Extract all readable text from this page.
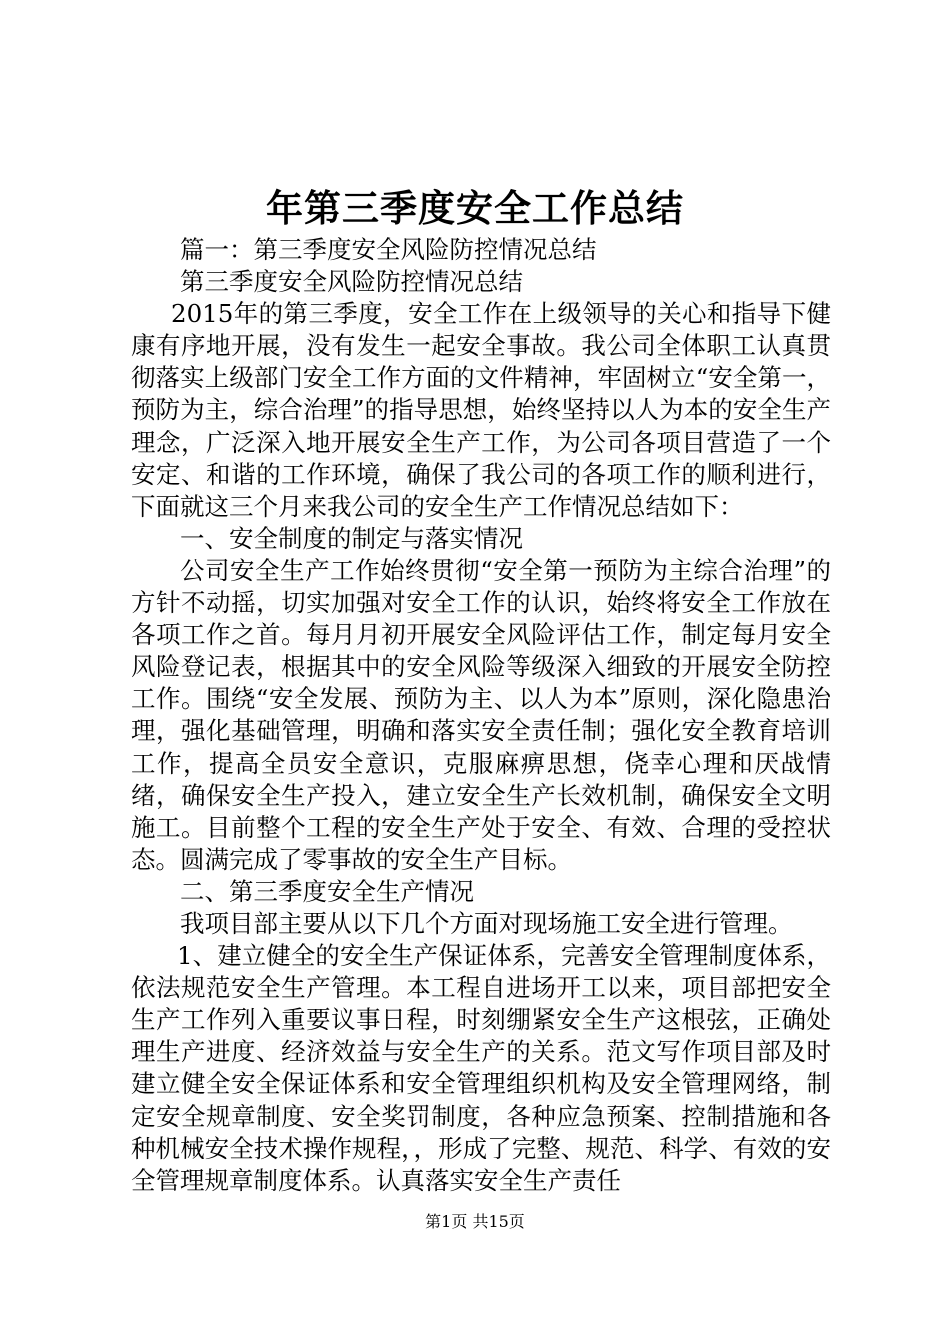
年第三季度安全工作总结

篇一：第三季度安全风险防控情况总结

第三季度安全风险防控情况总结

2015年的第三季度，安全工作在上级领导的关心和指导下健康有序地开展，没有发生一起安全事故。我公司全体职工认真贯彻落实上级部门安全工作方面的文件精神，牢固树立“安全第一，预防为主，综合治理”的指导思想，始终坚持以人为本的安全生产理念，广泛深入地开展安全生产工作，为公司各项目营造了一个安定、和谐的工作环境，确保了我公司的各项工作的顺利进行，下面就这三个月来我公司的安全生产工作情况总结如下：

一、安全制度的制定与落实情况

公司安全生产工作始终贯彻“安全第一预防为主综合治理”的方针不动摇，切实加强对安全工作的认识，始终将安全工作放在各项工作之首。每月月初开展安全风险评估工作，制定每月安全风险登记表，根据其中的安全风险等级深入细致的开展安全防控工作。围绕“安全发展、预防为主、以人为本”原则，深化隐患治理，强化基础管理，明确和落实安全责任制；强化安全教育培训工作，提高全员安全意识，克服麻痹思想，侥幸心理和厌战情绪，确保安全生产投入，建立安全生产长效机制，确保安全文明施工。目前整个工程的安全生产处于安全、有效、合理的受控状态。圆满完成了零事故的安全生产目标。

二、第三季度安全生产情况

我项目部主要从以下几个方面对现场施工安全进行管理。

1、建立健全的安全生产保证体系，完善安全管理制度体系，依法规范安全生产管理。本工程自进场开工以来，项目部把安全生产工作列入重要议事日程，时刻绷紧安全生产这根弦，正确处理生产进度、经济效益与安全生产的关系。范文写作项目部及时建立健全安全保证体系和安全管理组织机构及安全管理网络，制定安全规章制度、安全奖罚制度，各种应急预案、控制措施和各种机械安全技术操作规程，，形成了完整、规范、科学、有效的安全管理规章制度体系。认真落实安全生产责任

第1页 共15页
